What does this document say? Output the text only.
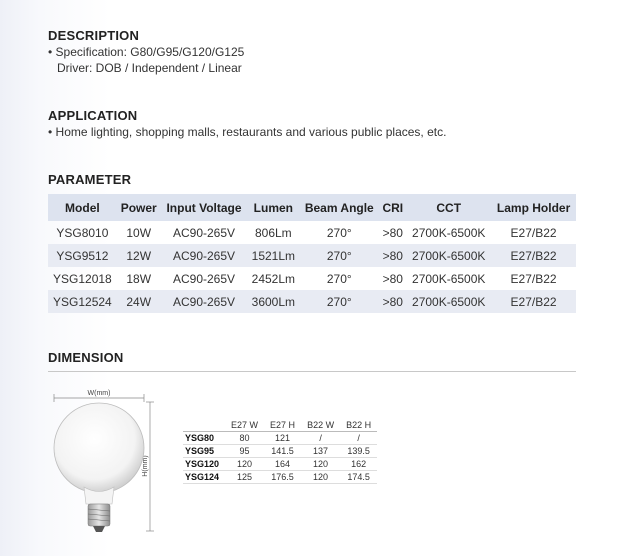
DESCRIPTION
• Specification: G80/G95/G120/G125
Driver: DOB / Independent / Linear
APPLICATION
• Home lighting, shopping malls, restaurants and various public places, etc.
PARAMETER
Model	Power	Input Voltage	Lumen	Beam Angle	CRI	CCT	Lamp Holder
YSG8010	10W	AC90-265V	806Lm	270°	>80	2700K-6500K	E27/B22
YSG9512	12W	AC90-265V	1521Lm	270°	>80	2700K-6500K	E27/B22
YSG12018	18W	AC90-265V	2452Lm	270°	>80	2700K-6500K	E27/B22
YSG12524	24W	AC90-265V	3600Lm	270°	>80	2700K-6500K	E27/B22
DIMENSION
W(mm)
H(mm)
	E27 W	E27 H	B22 W	B22 H
YSG80	80	121	/	/
YSG95	95	141.5	137	139.5
YSG120	120	164	120	162
YSG124	125	176.5	120	174.5
